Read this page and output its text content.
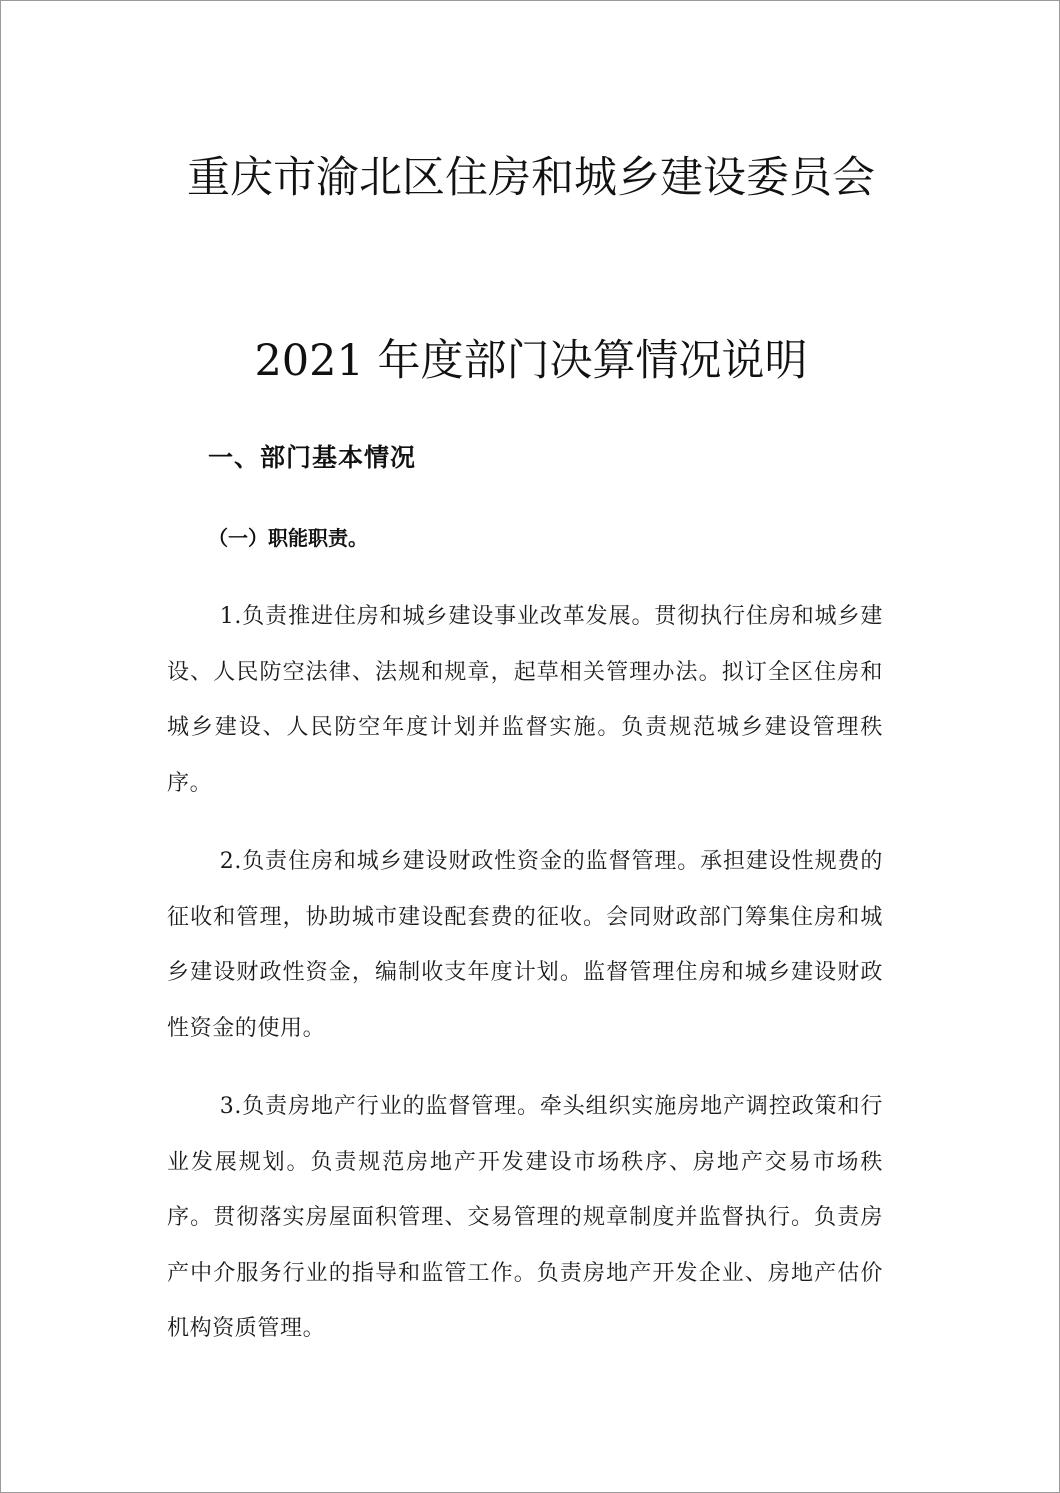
重庆市渝北区住房和城乡建设委员会
2021 年度部门决算情况说明
一、部门基本情况
（一）职能职责。

1.负责推进住房和城乡建设事业改革发展。贯彻执行住房和城乡建设、人民防空法律、法规和规章，起草相关管理办法。拟订全区住房和城乡建设、人民防空年度计划并监督实施。负责规范城乡建设管理秩序。

2.负责住房和城乡建设财政性资金的监督管理。承担建设性规费的征收和管理，协助城市建设配套费的征收。会同财政部门筹集住房和城乡建设财政性资金，编制收支年度计划。监督管理住房和城乡建设财政性资金的使用。

3.负责房地产行业的监督管理。牵头组织实施房地产调控政策和行业发展规划。负责规范房地产开发建设市场秩序、房地产交易市场秩序。贯彻落实房屋面积管理、交易管理的规章制度并监督执行。负责房产中介服务行业的指导和监管工作。负责房地产开发企业、房地产估价机构资质管理。
